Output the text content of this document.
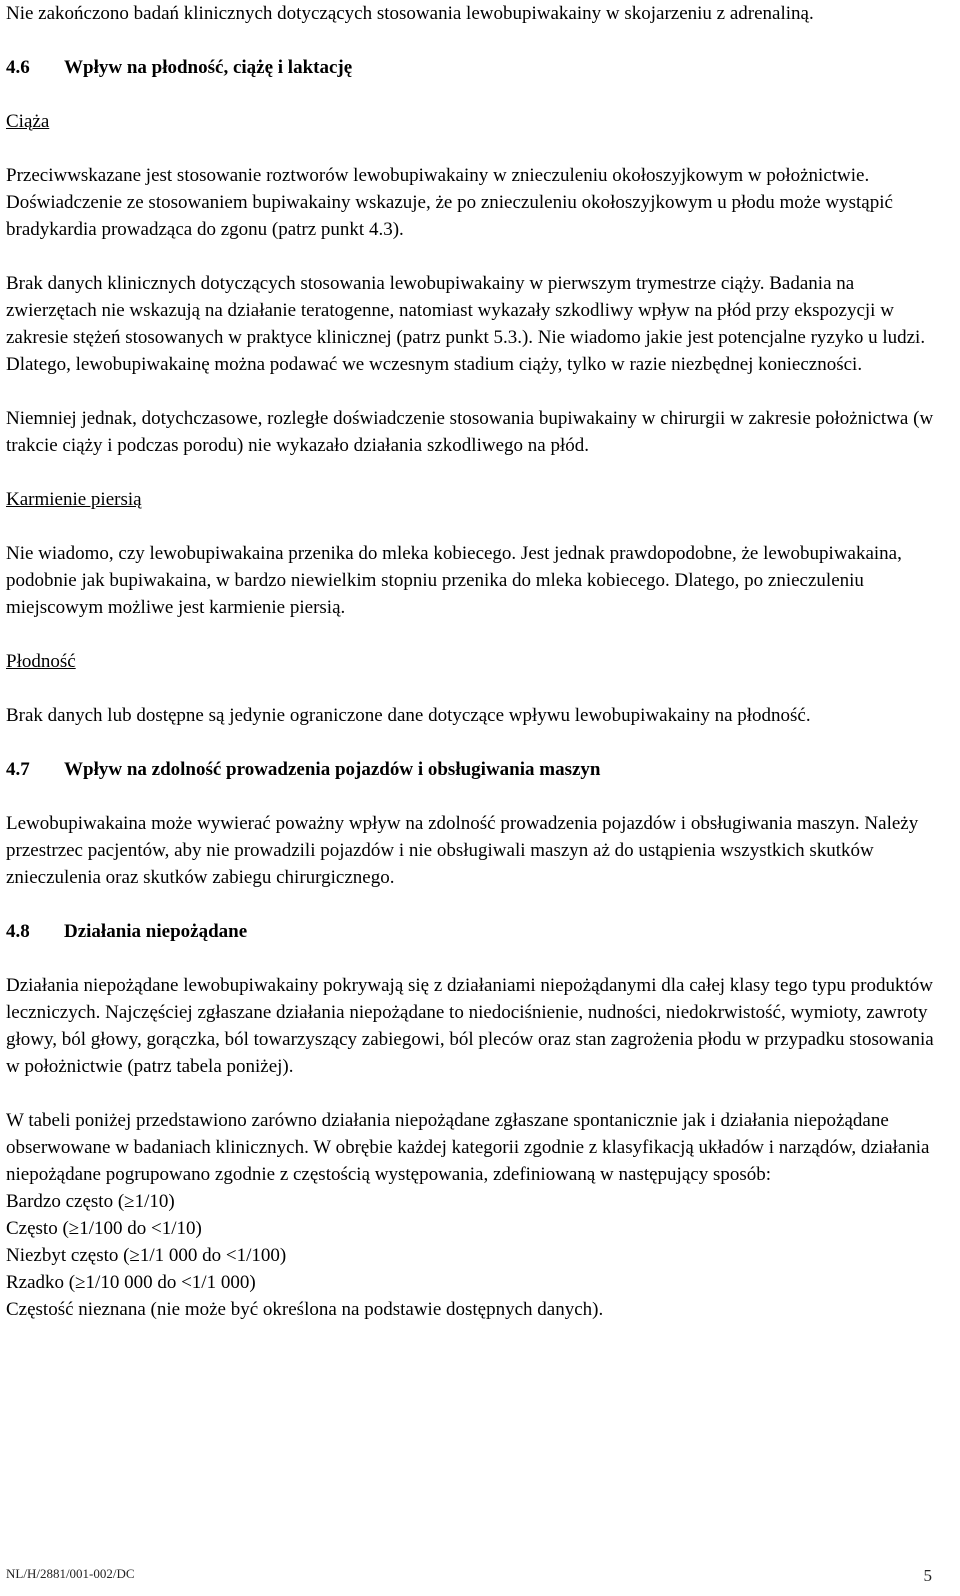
Nie zakończono badań klinicznych dotyczących stosowania lewobupiwakainy w skojarzeniu z adrenaliną.

4.6	Wpływ na płodność, ciążę i laktację

Ciąża

Przeciwwskazane jest stosowanie roztworów lewobupiwakainy w znieczuleniu okołoszyjkowym w położnictwie. Doświadczenie ze stosowaniem bupiwakainy wskazuje, że po znieczuleniu okołoszyjkowym u płodu może wystąpić bradykardia prowadząca do zgonu (patrz punkt 4.3).

Brak danych klinicznych dotyczących stosowania lewobupiwakainy w pierwszym trymestrze ciąży. Badania na zwierzętach nie wskazują na działanie teratogenne, natomiast wykazały szkodliwy wpływ na płód przy ekspozycji w zakresie stężeń stosowanych w praktyce klinicznej (patrz punkt 5.3.). Nie wiadomo jakie jest potencjalne ryzyko u ludzi. Dlatego, lewobupiwakainę można podawać we wczesnym stadium ciąży, tylko w razie niezbędnej konieczności.

Niemniej jednak, dotychczasowe, rozległe doświadczenie stosowania bupiwakainy w chirurgii w zakresie położnictwa (w trakcie ciąży i podczas porodu) nie wykazało działania szkodliwego na płód.

Karmienie piersią

Nie wiadomo, czy lewobupiwakaina przenika do mleka kobiecego. Jest jednak prawdopodobne, że lewobupiwakaina, podobnie jak bupiwakaina, w bardzo niewielkim stopniu przenika do mleka kobiecego. Dlatego, po znieczuleniu miejscowym możliwe jest karmienie piersią.

Płodność

Brak danych lub dostępne są jedynie ograniczone dane dotyczące wpływu lewobupiwakainy na płodność.

4.7	Wpływ na zdolność prowadzenia pojazdów i obsługiwania maszyn

Lewobupiwakaina może wywierać poważny wpływ na zdolność prowadzenia pojazdów i obsługiwania maszyn. Należy przestrzec pacjentów, aby nie prowadzili pojazdów i nie obsługiwali maszyn aż do ustąpienia wszystkich skutków znieczulenia oraz skutków zabiegu chirurgicznego.

4.8	Działania niepożądane

Działania niepożądane lewobupiwakainy pokrywają się z działaniami niepożądanymi dla całej klasy tego typu produktów leczniczych. Najczęściej zgłaszane działania niepożądane to niedociśnienie, nudności, niedokrwistość, wymioty, zawroty głowy, ból głowy, gorączka, ból towarzyszący zabiegowi, ból pleców oraz stan zagrożenia płodu w przypadku stosowania w położnictwie (patrz tabela poniżej).

W tabeli poniżej przedstawiono zarówno działania niepożądane zgłaszane spontanicznie jak i działania niepożądane obserwowane w badaniach klinicznych. W obrębie każdej kategorii zgodnie z klasyfikacją układów i narządów, działania niepożądane pogrupowano zgodnie z częstością występowania, zdefiniowaną w następujący sposób:

Bardzo często (≥1/10)
Często (≥1/100 do <1/10)
Niezbyt często (≥1/1 000 do <1/100)
Rzadko (≥1/10 000 do <1/1 000)
Częstość nieznana (nie może być określona na podstawie dostępnych danych).
NL/H/2881/001-002/DC	5
